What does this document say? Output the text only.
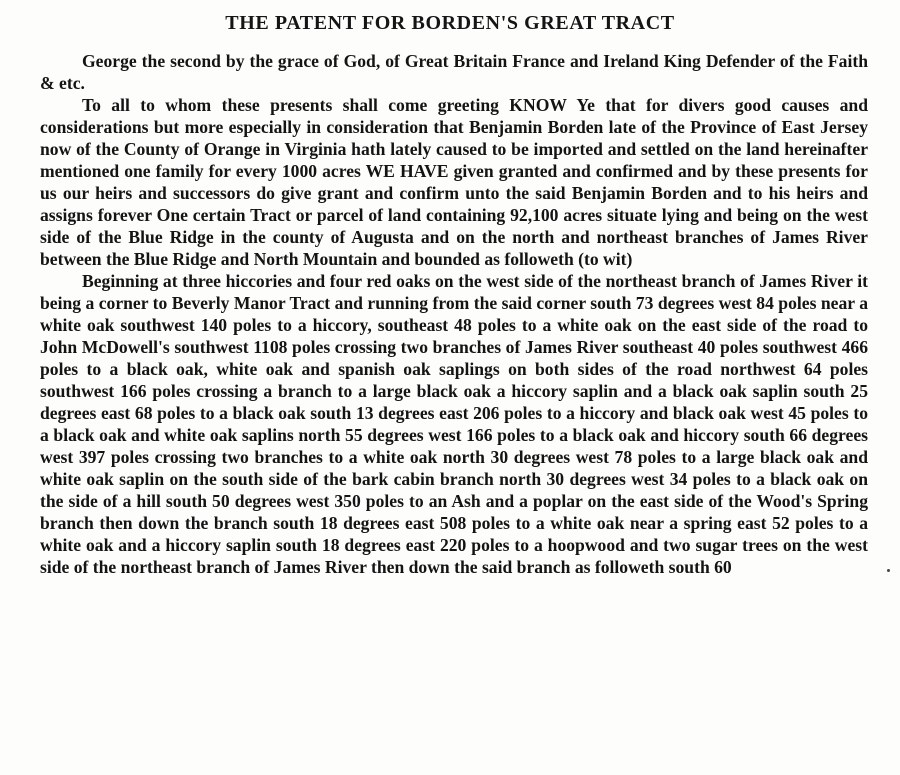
THE PATENT FOR BORDEN'S GREAT TRACT

George the second by the grace of God, of Great Britain France and Ireland King Defender of the Faith & etc.

To all to whom these presents shall come greeting KNOW Ye that for divers good causes and considerations but more especially in consideration that Benjamin Borden late of the Province of East Jersey now of the County of Orange in Virginia hath lately caused to be imported and settled on the land hereinafter mentioned one family for every 1000 acres WE HAVE given granted and confirmed and by these presents for us our heirs and successors do give grant and confirm unto the said Benjamin Borden and to his heirs and assigns forever One certain Tract or parcel of land containing 92,100 acres situate lying and being on the west side of the Blue Ridge in the county of Augusta and on the north and northeast branches of James River between the Blue Ridge and North Mountain and bounded as followeth (to wit)

Beginning at three hiccories and four red oaks on the west side of the northeast branch of James River it being a corner to Beverly Manor Tract and running from the said corner south 73 degrees west 84 poles near a white oak southwest 140 poles to a hiccory, southeast 48 poles to a white oak on the east side of the road to John McDowell's southwest 1108 poles crossing two branches of James River southeast 40 poles southwest 466 poles to a black oak, white oak and spanish oak saplings on both sides of the road northwest 64 poles southwest 166 poles crossing a branch to a large black oak a hiccory saplin and a black oak saplin south 25 degrees east 68 poles to a black oak south 13 degrees east 206 poles to a hiccory and black oak west 45 poles to a black oak and white oak saplins north 55 degrees west 166 poles to a black oak and hiccory south 66 degrees west 397 poles crossing two branches to a white oak north 30 degrees west 78 poles to a large black oak and white oak saplin on the south side of the bark cabin branch north 30 degrees west 34 poles to a black oak on the side of a hill south 50 degrees west 350 poles to an Ash and a poplar on the east side of the Wood's Spring branch then down the branch south 18 degrees east 508 poles to a white oak near a spring east 52 poles to a white oak and a hiccory saplin south 18 degrees east 220 poles to a hoopwood and two sugar trees on the west side of the northeast branch of James River then down the said branch as followeth south 60
